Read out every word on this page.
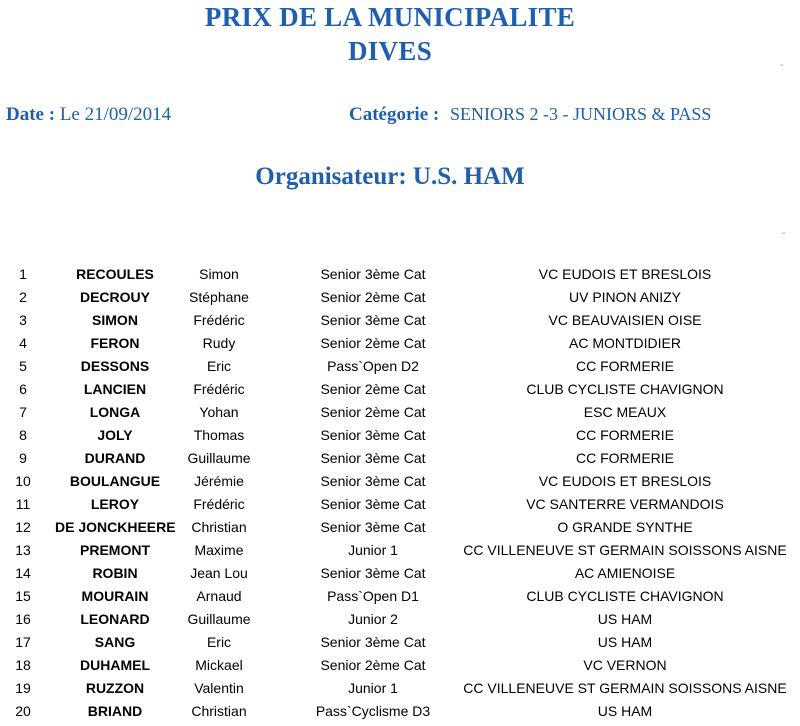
PRIX DE LA MUNICIPALITE
DIVES
Date : Le 21/09/2014	Catégorie : SENIORS 2 -3 - JUNIORS & PASS
Organisateur: U.S. HAM
-
-
1	RECOULES	Simon	Senior 3ème Cat	VC EUDOIS ET BRESLOIS
2	DECROUY	Stéphane	Senior 2ème Cat	UV PINON ANIZY
3	SIMON	Frédéric	Senior 3ème Cat	VC BEAUVAISIEN OISE
4	FERON	Rudy	Senior 2ème Cat	AC MONTDIDIER
5	DESSONS	Eric	Pass`Open D2	CC FORMERIE
6	LANCIEN	Frédéric	Senior 2ème Cat	CLUB CYCLISTE CHAVIGNON
7	LONGA	Yohan	Senior 2ème Cat	ESC MEAUX
8	JOLY	Thomas	Senior 3ème Cat	CC FORMERIE
9	DURAND	Guillaume	Senior 3ème Cat	CC FORMERIE
10	BOULANGUE	Jérémie	Senior 3ème Cat	VC EUDOIS ET BRESLOIS
11	LEROY	Frédéric	Senior 3ème Cat	VC SANTERRE VERMANDOIS
12	DE JONCKHEERE	Christian	Senior 3ème Cat	O GRANDE SYNTHE
13	PREMONT	Maxime	Junior 1	CC VILLENEUVE ST GERMAIN SOISSONS AISNE
14	ROBIN	Jean Lou	Senior 3ème Cat	AC AMIENOISE
15	MOURAIN	Arnaud	Pass`Open D1	CLUB CYCLISTE CHAVIGNON
16	LEONARD	Guillaume	Junior 2	US HAM
17	SANG	Eric	Senior 3ème Cat	US HAM
18	DUHAMEL	Mickael	Senior 2ème Cat	VC VERNON
19	RUZZON	Valentin	Junior 1	CC VILLENEUVE ST GERMAIN SOISSONS AISNE
20	BRIAND	Christian	Pass`Cyclisme D3	US HAM
